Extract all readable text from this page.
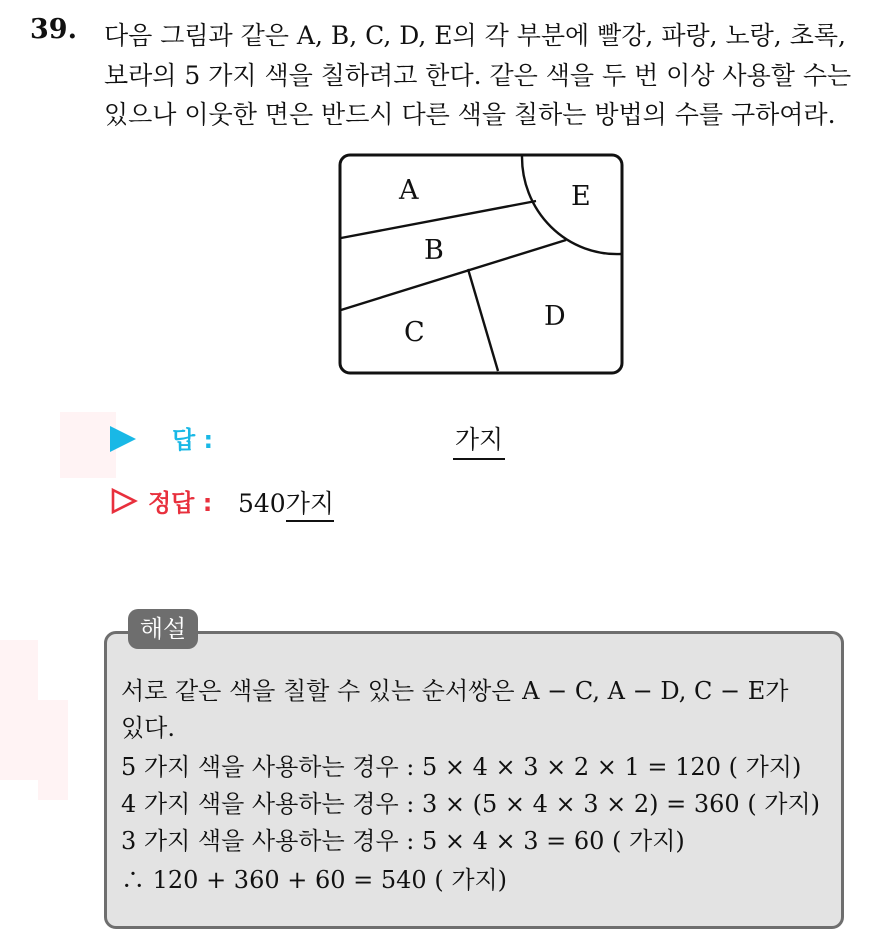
39. 다음 그림과 같은 A, B, C, D, E의 각 부분에 빨강, 파랑, 노랑, 초록,
보라의 5 가지 색을 칠하려고 한다. 같은 색을 두 번 이상 사용할 수는
있으나 이웃한 면은 반드시 다른 색을 칠하는 방법의 수를 구하여라.
A
B
C
D
E
답 :	가지
정답 : 540가지
해설
서로 같은 색을 칠할 수 있는 순서쌍은 A − C, A − D, C − E가
있다.
5 가지 색을 사용하는 경우 : 5 × 4 × 3 × 2 × 1 = 120 ( 가지)
4 가지 색을 사용하는 경우 : 3 × (5 × 4 × 3 × 2) = 360 ( 가지)
3 가지 색을 사용하는 경우 : 5 × 4 × 3 = 60 ( 가지)
∴ 120 + 360 + 60 = 540 ( 가지)
